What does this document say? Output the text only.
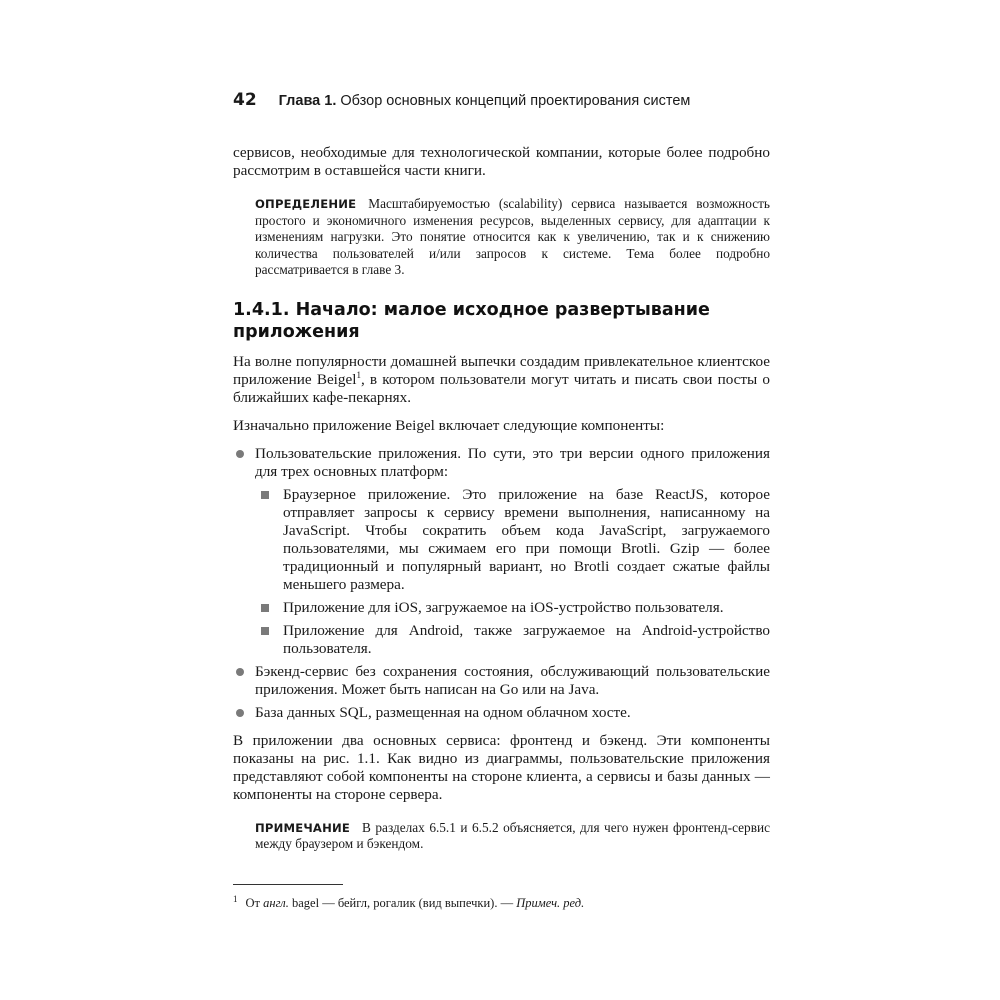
42 Глава 1. Обзор основных концепций проектирования систем

сервисов, необходимые для технологической компании, которые более подробно рассмотрим в оставшейся части книги.

ОПРЕДЕЛЕНИЕ Масштабируемостью (scalability) сервиса называется возможность простого и экономичного изменения ресурсов, выделенных сервису, для адаптации к изменениям нагрузки. Это понятие относится как к увеличению, так и к снижению количества пользователей и/или запросов к системе. Тема более подробно рассматривается в главе 3.
1.4.1. Начало: малое исходное развертывание приложения

На волне популярности домашней выпечки создадим привлекательное клиентское приложение Beigel$^1$, в котором пользователи могут читать и писать свои посты о ближайших кафе-пекарнях.

Изначально приложение Beigel включает следующие компоненты:

Пользовательские приложения. По сути, это три версии одного приложения для трех основных платформ:
Браузерное приложение. Это приложение на базе ReactJS, которое отправляет запросы к сервису времени выполнения, написанному на JavaScript. Чтобы сократить объем кода JavaScript, загружаемого пользователями, мы сжимаем его при помощи Brotli. Gzip — более традиционный и популярный вариант, но Brotli создает сжатые файлы меньшего размера.
Приложение для iOS, загружаемое на iOS-устройство пользователя.
Приложение для Android, также загружаемое на Android-устройство пользователя.
Бэкенд-сервис без сохранения состояния, обслуживающий пользовательские приложения. Может быть написан на Go или на Java.
База данных SQL, размещенная на одном облачном хосте.

В приложении два основных сервиса: фронтенд и бэкенд. Эти компоненты показаны на рис. 1.1. Как видно из диаграммы, пользовательские приложения представляют собой компоненты на стороне клиента, а сервисы и базы данных — компоненты на стороне сервера.

ПРИМЕЧАНИЕ В разделах 6.5.1 и 6.5.2 объясняется, для чего нужен фронтенд-сервис между браузером и бэкендом.
$^1$ От англ. bagel — бейгл, рогалик (вид выпечки). — Примеч. ред.
